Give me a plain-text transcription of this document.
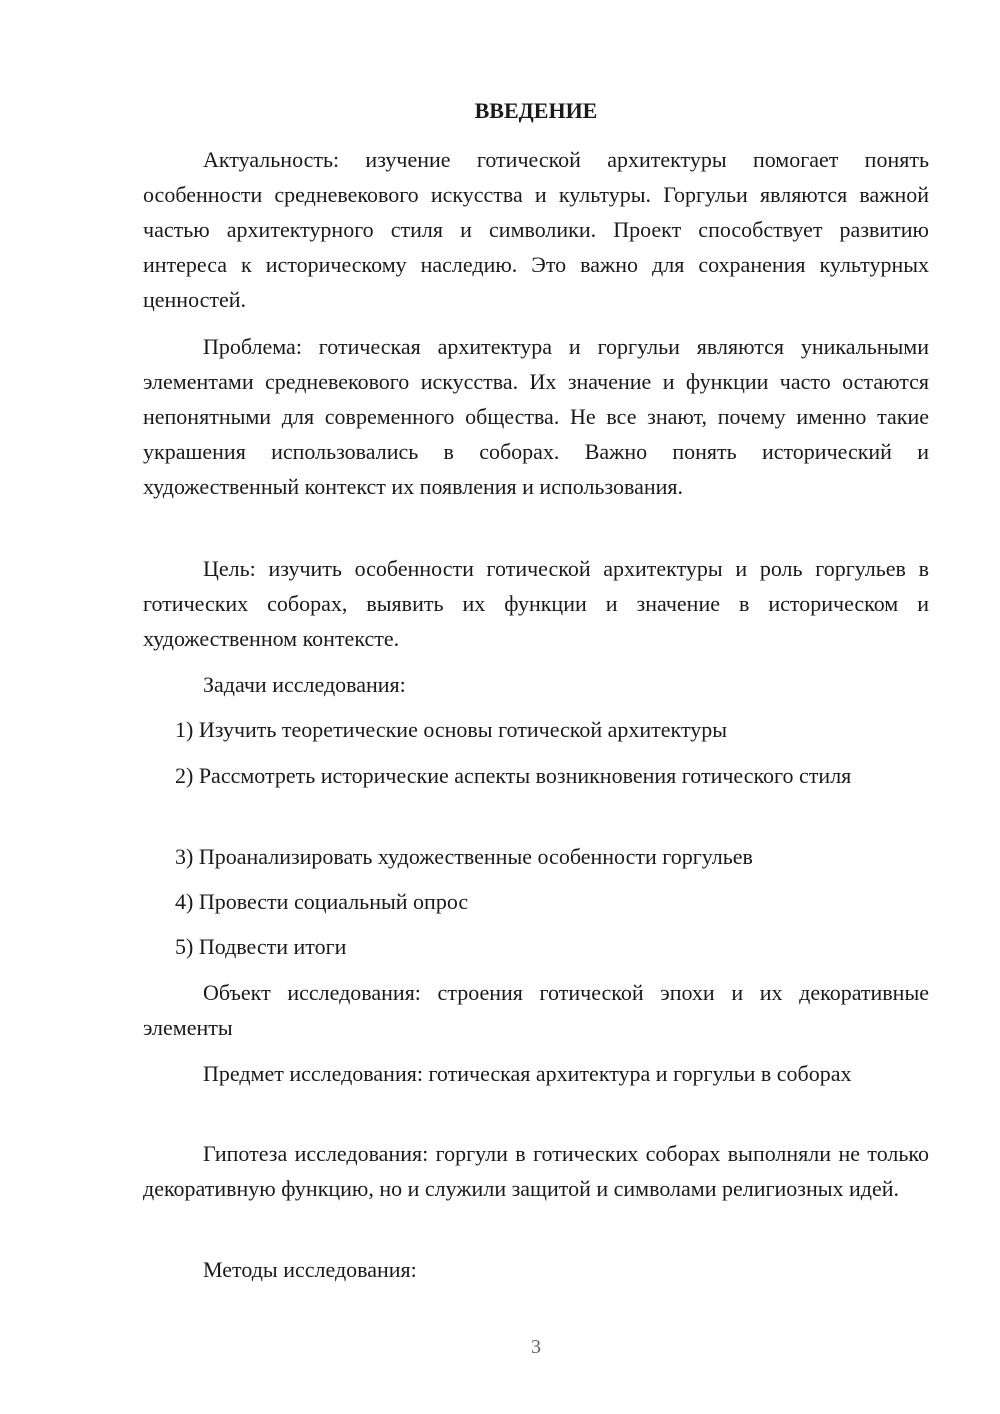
ВВЕДЕНИЕ

Актуальность: изучение готической архитектуры помогает понять особенности средневекового искусства и культуры. Горгульи являются важной частью архитектурного стиля и символики. Проект способствует развитию интереса к историческому наследию. Это важно для сохранения культурных ценностей.

Проблема: готическая архитектура и горгульи являются уникальными элементами средневекового искусства. Их значение и функции часто остаются непонятными для современного общества. Не все знают, почему именно такие украшения использовались в соборах. Важно понять исторический и художественный контекст их появления и использования.

Цель: изучить особенности готической архитектуры и роль горгульев в готических соборах, выявить их функции и значение в историческом и художественном контексте.

Задачи исследования:

1) Изучить теоретические основы готической архитектуры

2) Рассмотреть исторические аспекты возникновения готического стиля

3) Проанализировать художественные особенности горгульев

4) Провести социальный опрос

5) Подвести итоги

Объект исследования: строения готической эпохи и их декоративные элементы

Предмет исследования: готическая архитектура и горгульи в соборах

Гипотеза исследования: горгули в готических соборах выполняли не только декоративную функцию, но и служили защитой и символами религиозных идей.

Методы исследования:

3
